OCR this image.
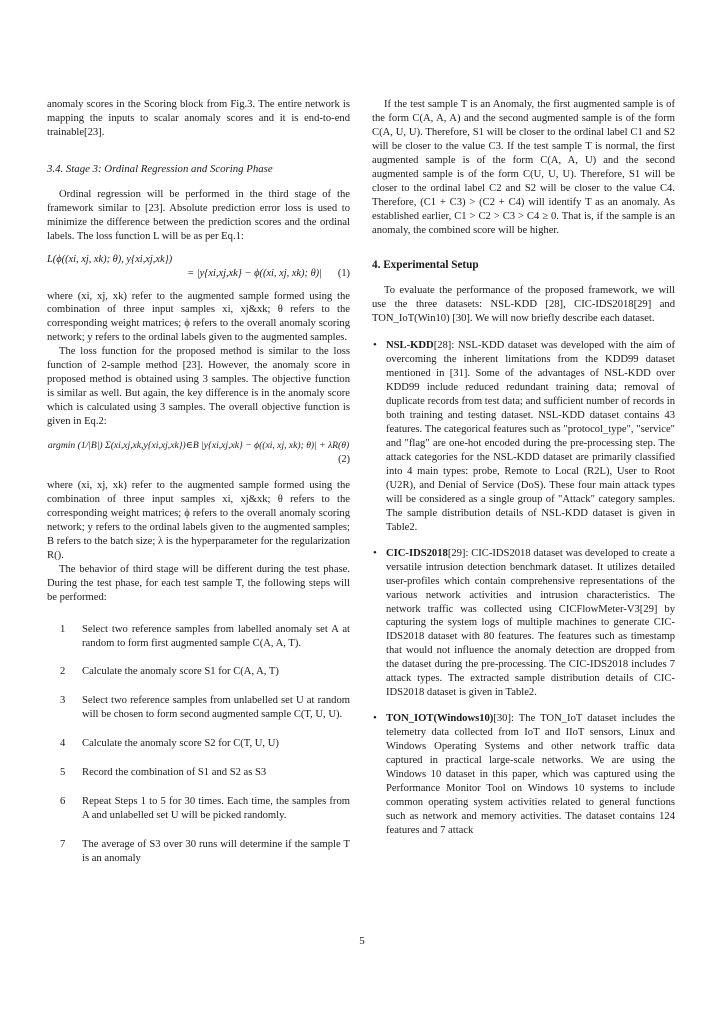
anomaly scores in the Scoring block from Fig.3. The entire network is mapping the inputs to scalar anomaly scores and it is end-to-end trainable[23].

3.4. Stage 3: Ordinal Regression and Scoring Phase

Ordinal regression will be performed in the third stage of the framework similar to [23]. Absolute prediction error loss is used to minimize the difference between the prediction scores and the ordinal labels. The loss function L will be as per Eq.1:

L(ϕ((xi, xj, xk); θ), y{xi,xj,xk})
= |y{xi,xj,xk} − ϕ((xi, xj, xk); θ)|	(1)

where (xi, xj, xk) refer to the augmented sample formed using the combination of three input samples xi, xj&xk; θ refers to the corresponding weight matrices; ϕ refers to the overall anomaly scoring network; y refers to the ordinal labels given to the augmented samples.

The loss function for the proposed method is similar to the loss function of 2-sample method [23]. However, the anomaly score in proposed method is obtained using 3 samples. The objective function is similar as well. But again, the key difference is in the anomaly score which is calculated using 3 samples. The overall objective function is given in Eq.2:

argmin (1/|B|) Σ(xi,xj,xk,y{xi,xj,xk})∈B |y{xi,xj,xk} − ϕ((xi, xj, xk); θ)| + λR(θ)
(2)

where (xi, xj, xk) refer to the augmented sample formed using the combination of three input samples xi, xj&xk; θ refers to the corresponding weight matrices; ϕ refers to the overall anomaly scoring network; y refers to the ordinal labels given to the augmented samples; B refers to the batch size; λ is the hyperparameter for the regularization R().

The behavior of third stage will be different during the test phase. During the test phase, for each test sample T, the following steps will be performed:

1	Select two reference samples from labelled anomaly set A at random to form first augmented sample C(A, A, T).
2	Calculate the anomaly score S1 for C(A, A, T)
3	Select two reference samples from unlabelled set U at random will be chosen to form second augmented sample C(T, U, U).
4	Calculate the anomaly score S2 for C(T, U, U)
5	Record the combination of S1 and S2 as S3
6	Repeat Steps 1 to 5 for 30 times. Each time, the samples from A and unlabelled set U will be picked randomly.
7	The average of S3 over 30 runs will determine if the sample T is an anomaly

If the test sample T is an Anomaly, the first augmented sample is of the form C(A, A, A) and the second augmented sample is of the form C(A, U, U). Therefore, S1 will be closer to the ordinal label C1 and S2 will be closer to the value C3. If the test sample T is normal, the first augmented sample is of the form C(A, A, U) and the second augmented sample is of the form C(U, U, U). Therefore, S1 will be closer to the ordinal label C2 and S2 will be closer to the value C4. Therefore, (C1 + C3) > (C2 + C4) will identify T as an anomaly. As established earlier, C1 > C2 > C3 > C4 ≥ 0. That is, if the sample is an anomaly, the combined score will be higher.

4. Experimental Setup

To evaluate the performance of the proposed framework, we will use the three datasets: NSL-KDD [28], CIC-IDS2018[29] and TON_IoT(Win10) [30]. We will now briefly describe each dataset.

• NSL-KDD[28]: NSL-KDD dataset was developed with the aim of overcoming the inherent limitations from the KDD99 dataset mentioned in [31]. Some of the advantages of NSL-KDD over KDD99 include reduced redundant training data; removal of duplicate records from test data; and sufficient number of records in both training and testing dataset. NSL-KDD dataset contains 43 features. The categorical features such as "protocol_type", "service" and "flag" are one-hot encoded during the pre-processing step. The attack categories for the NSL-KDD dataset are primarily classified into 4 main types: probe, Remote to Local (R2L), User to Root (U2R), and Denial of Service (DoS). These four main attack types will be considered as a single group of "Attack" category samples. The sample distribution details of NSL-KDD dataset is given in Table2.
• CIC-IDS2018[29]: CIC-IDS2018 dataset was developed to create a versatile intrusion detection benchmark dataset. It utilizes detailed user-profiles which contain comprehensive representations of the various network activities and intrusion characteristics. The network traffic was collected using CICFlowMeter-V3[29] by capturing the system logs of multiple machines to generate CIC-IDS2018 dataset with 80 features. The features such as timestamp that would not influence the anomaly detection are dropped from the dataset during the pre-processing. The CIC-IDS2018 includes 7 attack types. The extracted sample distribution details of CIC-IDS2018 dataset is given in Table2.
• TON_IOT(Windows10)[30]: The TON_IoT dataset includes the telemetry data collected from IoT and IIoT sensors, Linux and Windows Operating Systems and other network traffic data captured in practical large-scale networks. We are using the Windows 10 dataset in this paper, which was captured using the Performance Monitor Tool on Windows 10 systems to include common operating system activities related to general functions such as network and memory activities. The dataset contains 124 features and 7 attack
5
